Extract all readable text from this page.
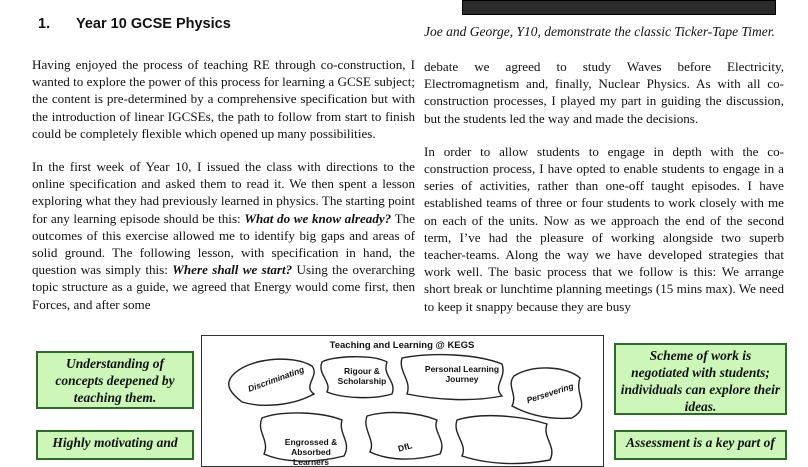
1. Year 10 GCSE Physics	Joe and George, Y10, demonstrate the classic Ticker-Tape Timer.

Having enjoyed the process of teaching RE through co-construction, I wanted to explore the power of this process for learning a GCSE subject; the content is pre-determined by a comprehensive specification but with the introduction of linear IGCSEs, the path to follow from start to finish could be completely flexible which opened up many possibilities.

In the first week of Year 10, I issued the class with directions to the online specification and asked them to read it. We then spent a lesson exploring what they had previously learned in physics. The starting point for any learning episode should be this: What do we know already? The outcomes of this exercise allowed me to identify big gaps and areas of solid ground. The following lesson, with specification in hand, the question was simply this: Where shall we start? Using the overarching topic structure as a guide, we agreed that Energy would come first, then Forces, and after some

debate we agreed to study Waves before Electricity, Electromagnetism and, finally, Nuclear Physics. As with all co-construction processes, I played my part in guiding the discussion, but the students led the way and made the decisions.

In order to allow students to engage in depth with the co-construction process, I have opted to enable students to engage in a series of activities, rather than one-off taught episodes. I have established teams of three or four students to work closely with me on each of the units. Now as we approach the end of the second term, I’ve had the pleasure of working alongside two superb teacher-teams. Along the way we have developed strategies that work well. The basic process that we follow is this: We arrange short break or lunchtime planning meetings (15 mins max). We need to keep it snappy because they are busy

Understanding of concepts deepened by teaching them.
Highly motivating and
Scheme of work is negotiated with students; individuals can explore their ideas.
Assessment is a key part of
Teaching and Learning @ KEGS
Discriminating	Rigour & Scholarship
Personal Learning Journey
Persevering
Engrossed & Absorbed Learners
DfL
